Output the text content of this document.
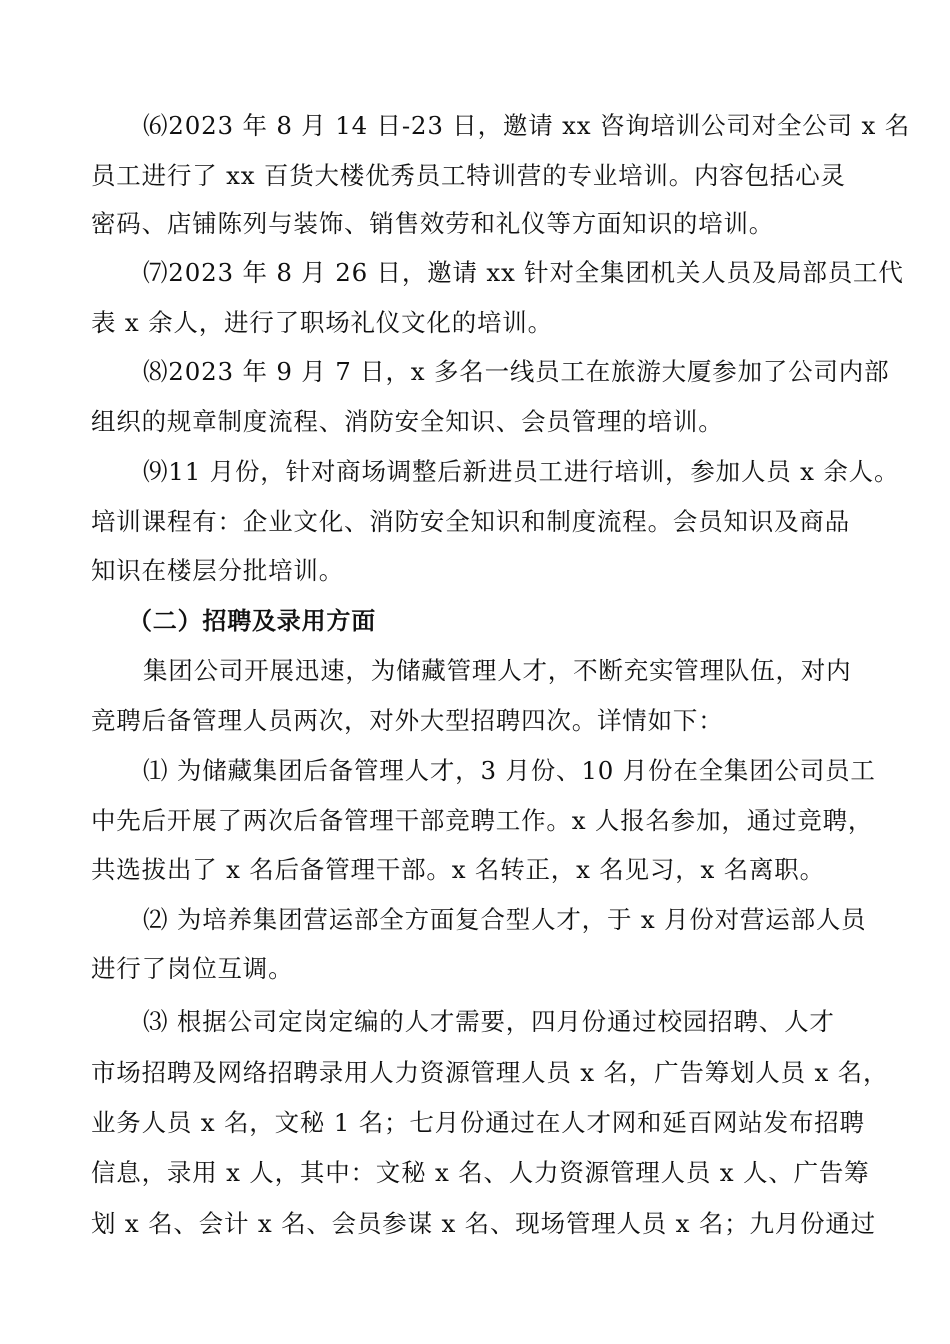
⑹2023 年 8 月 14 日-23 日，邀请 xx 咨询培训公司对全公司 x 名

员工进行了 xx 百货大楼优秀员工特训营的专业培训。内容包括心灵

密码、店铺陈列与装饰、销售效劳和礼仪等方面知识的培训。

⑺2023 年 8 月 26 日，邀请 xx 针对全集团机关人员及局部员工代

表 x 余人，进行了职场礼仪文化的培训。

⑻2023 年 9 月 7 日，x 多名一线员工在旅游大厦参加了公司内部

组织的规章制度流程、消防安全知识、会员管理的培训。

⑼11 月份，针对商场调整后新进员工进行培训，参加人员 x 余人。

培训课程有：企业文化、消防安全知识和制度流程。会员知识及商品

知识在楼层分批培训。

（二）招聘及录用方面

集团公司开展迅速，为储藏管理人才，不断充实管理队伍，对内

竞聘后备管理人员两次，对外大型招聘四次。详情如下：

⑴ 为储藏集团后备管理人才，3 月份、10 月份在全集团公司员工

中先后开展了两次后备管理干部竞聘工作。x 人报名参加，通过竞聘，

共选拔出了 x 名后备管理干部。x 名转正，x 名见习，x 名离职。

⑵ 为培养集团营运部全方面复合型人才，于 x 月份对营运部人员

进行了岗位互调。

⑶ 根据公司定岗定编的人才需要，四月份通过校园招聘、人才

市场招聘及网络招聘录用人力资源管理人员 x 名，广告筹划人员 x 名，

业务人员 x 名，文秘 1 名；七月份通过在人才网和延百网站发布招聘

信息，录用 x 人，其中：文秘 x 名、人力资源管理人员 x 人、广告筹

划 x 名、会计 x 名、会员参谋 x 名、现场管理人员 x 名；九月份通过
